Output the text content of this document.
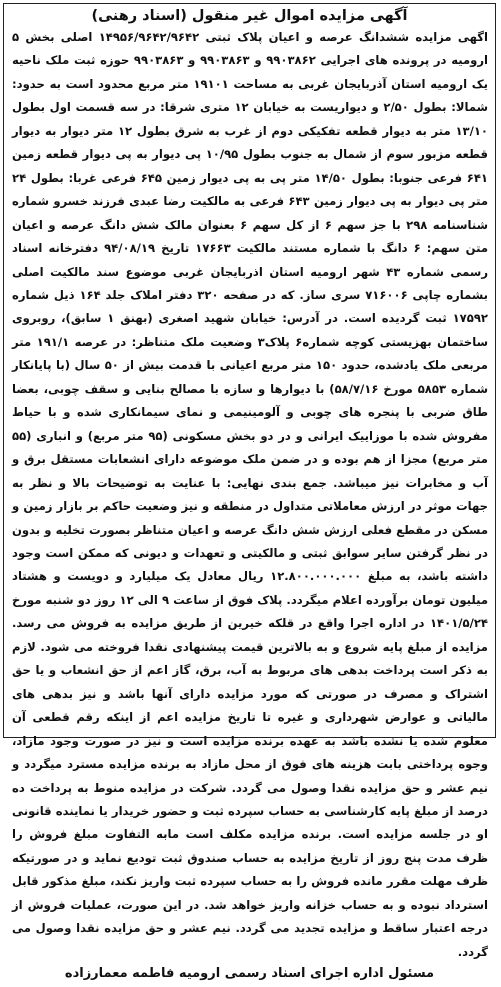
آگهی مزایده اموال غیر منقول (اسناد رهنی)

اگهی مزایده ششدانگ عرصه و اعیان پلاک ثبتی ۱۴۹۵۶/۹۶۴۲/۹۶۴۲ اصلی بخش ۵ ارومیه در پرونده های اجرایی ۹۹۰۳۸۶۲ و ۹۹۰۳۸۶۳ و ۹۹۰۳۸۶۳ حوزه ثبت ملک ناحیه یک ارومیه استان آذربایجان غربی به مساحت ۱۹۱۰۱ متر مربع محدود است به حدود: شمالا: بطول ۲/۵۰ و دیواریست به خیابان ۱۲ متری شرقا: در سه قسمت اول بطول ۱۳/۱۰ متر به دیوار قطعه تفکیکی دوم از غرب به شرق بطول ۱۲ متر دیوار به دیوار قطعه مزبور سوم از شمال به جنوب بطول ۱۰/۹۵ پی دیوار به پی دیوار قطعه زمین ۶۴۱ فرعی جنوبا: بطول ۱۴/۵۰ متر پی به پی دیوار زمین ۶۴۵ فرعی غربا: بطول ۲۴ متر پی دیوار به پی دیوار زمین ۶۴۳ فرعی به مالکیت رضا عبدی فرزند خسرو شماره شناسنامه ۲۹۸ با جز سهم ۶ از کل سهم ۶ بعنوان مالک شش دانگ عرصه و اعیان متن سهم: ۶ دانگ با شماره مستند مالکیت ۱۷۶۶۳ تاریخ ۹۴/۰۸/۱۹ دفترخانه اسناد رسمی شماره ۴۳ شهر ارومیه استان اذربایجان غربی موضوع سند مالکیت اصلی بشماره چاپی ۷۱۶۰۰۶ سری ساز. که در صفحه ۳۲۰ دفتر املاک جلد ۱۶۴ ذیل شماره ۱۷۵۹۲ ثبت گردیده است. در آدرس: خیابان شهید اصغری (بهنق ۱ سابق)، روبروی ساختمان بهزیستی کوچه شماره۶ پلاک۳ وضعیت ملک متناظر: در عرصه ۱۹۱/۱ متر مربعی ملک یادشده، حدود ۱۵۰ متر مربع اعیانی با قدمت بیش از ۵۰ سال (با پایانکار شماره ۵۸۵۳ مورخ ۵۸/۷/۱۶) با دیوارها و سازه با مصالح بنایی و سقف چوبی، بعضا طاق ضربی با پنجره های چوبی و آلومینیمی و نمای سیمانکاری شده و با حیاط مفروش شده با موزاییک ایرانی و در دو بخش مسکونی (۹۵ متر مربع) و انباری (۵۵ متر مربع) مجزا از هم بوده و در ضمن ملک موضوعه دارای انشعابات مستقل برق و آب و مخابرات نیز میباشد. جمع بندی نهایی: با عنایت به توضیحات بالا و نظر به جهات موثر در ارزش معاملاتی متداول در منطقه و نیز وضعیت حاکم بر بازار زمین و مسکن در مقطع فعلی ارزش شش دانگ عرصه و اعیان متناظر بصورت تخلیه و بدون در نظر گرفتن سایر سوابق ثبتی و مالکیتی و تعهدات و دیونی که ممکن است وجود داشته باشد، به مبلغ ۱۲.۸۰۰.۰۰۰.۰۰۰ ریال معادل یک میلیارد و دویست و هشتاد میلیون تومان برآورده اعلام میگردد. پلاک فوق از ساعت ۹ الی ۱۲ روز دو شنبه مورخ ۱۴۰۱/۵/۲۴ در اداره اجرا واقع در قلکه خیرین از طریق مزایده به فروش می رسد. مزایده از مبلغ پایه شروع و به بالاترین قیمت پیشنهادی نقدا فروخته می شود. لازم به ذکر است پرداخت بدهی های مربوط به آب، برق، گاز اعم از حق انشعاب و یا حق اشتراک و مصرف در صورتی که مورد مزایده دارای آنها باشد و نیز بدهی های مالیاتی و عوارض شهرداری و غیره تا تاریخ مزایده اعم از اینکه رقم قطعی آن معلوم شده یا نشده باشد به عهده برنده مزایده است و نیز در صورت وجود مازاد، وجوه پرداختی بابت هزینه های فوق از محل مازاد به برنده مزایده مسترد میگردد و نیم عشر و حق مزایده نقدا وصول می گردد. شرکت در مزایده منوط به پرداخت ده درصد از مبلغ پایه کارشناسی به حساب سپرده ثبت و حضور خریدار یا نماینده قانونی او در جلسه مزایده است. برنده مزایده مکلف است مابه التفاوت مبلغ فروش را ظرف مدت پنج روز از تاریخ مزایده به حساب صندوق ثبت تودیع نماید و در صورتیکه ظرف مهلت مقرر مانده فروش را به حساب سپرده ثبت واریز نکند، مبلغ مذکور قابل استرداد نبوده و به حساب خزانه واریز خواهد شد. در این صورت، عملیات فروش از درجه اعتبار ساقط و مزایده تجدید می گردد. نیم عشر و حق مزایده نقدا وصول می گردد.

مسئول اداره اجرای اسناد رسمی ارومیه فاطمه معمارزاده
